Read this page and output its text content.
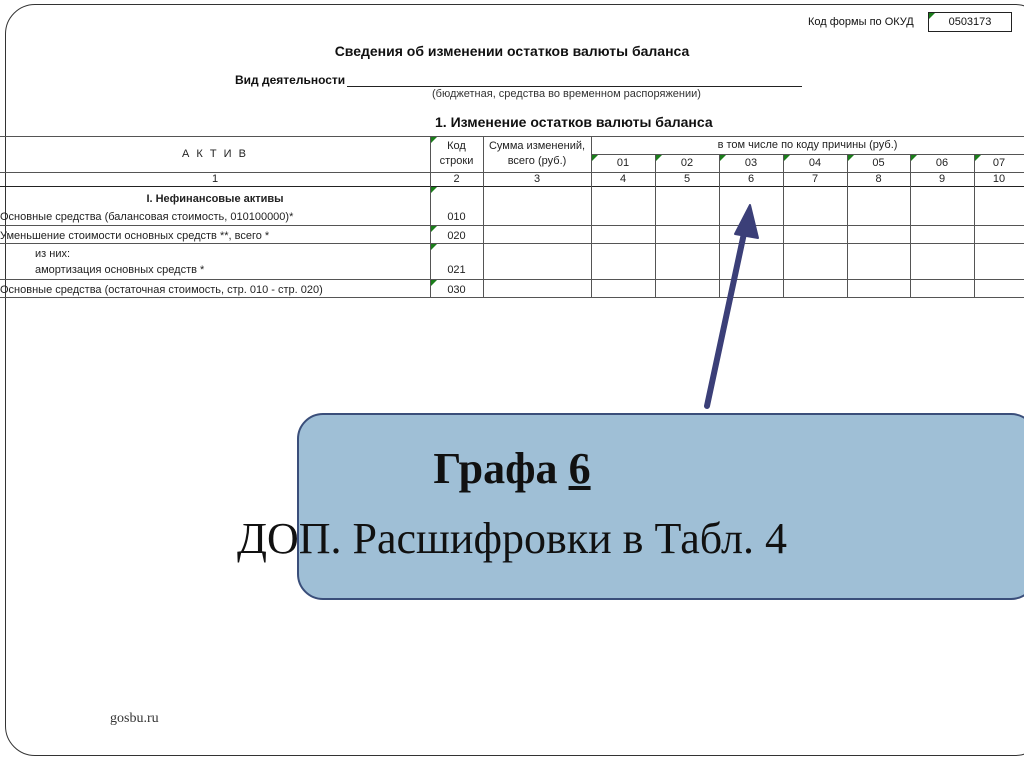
Код формы по ОКУД	0503173
Сведения об изменении остатков валюты баланса
Вид деятельности
(бюджетная, средства во временном распоряжении)
1. Изменение остатков валюты баланса
А К Т И В
Код
строки
Сумма изменений,
всего (руб.)
в том числе по коду причины (руб.)
01	02	03	04	05	06	07
1	2	3	4	5	6	7	8	9	10
I. Нефинансовые активы
Основные средства (балансовая стоимость, 010100000)*	010
Уменьшение стоимости основных средств **, всего *	020
из них:
амортизация основных средств *	021
Основные средства (остаточная стоимость, стр. 010 - стр. 020)	030
Графа 6
ДОП. Расшифровки в Табл. 4
gosbu.ru
